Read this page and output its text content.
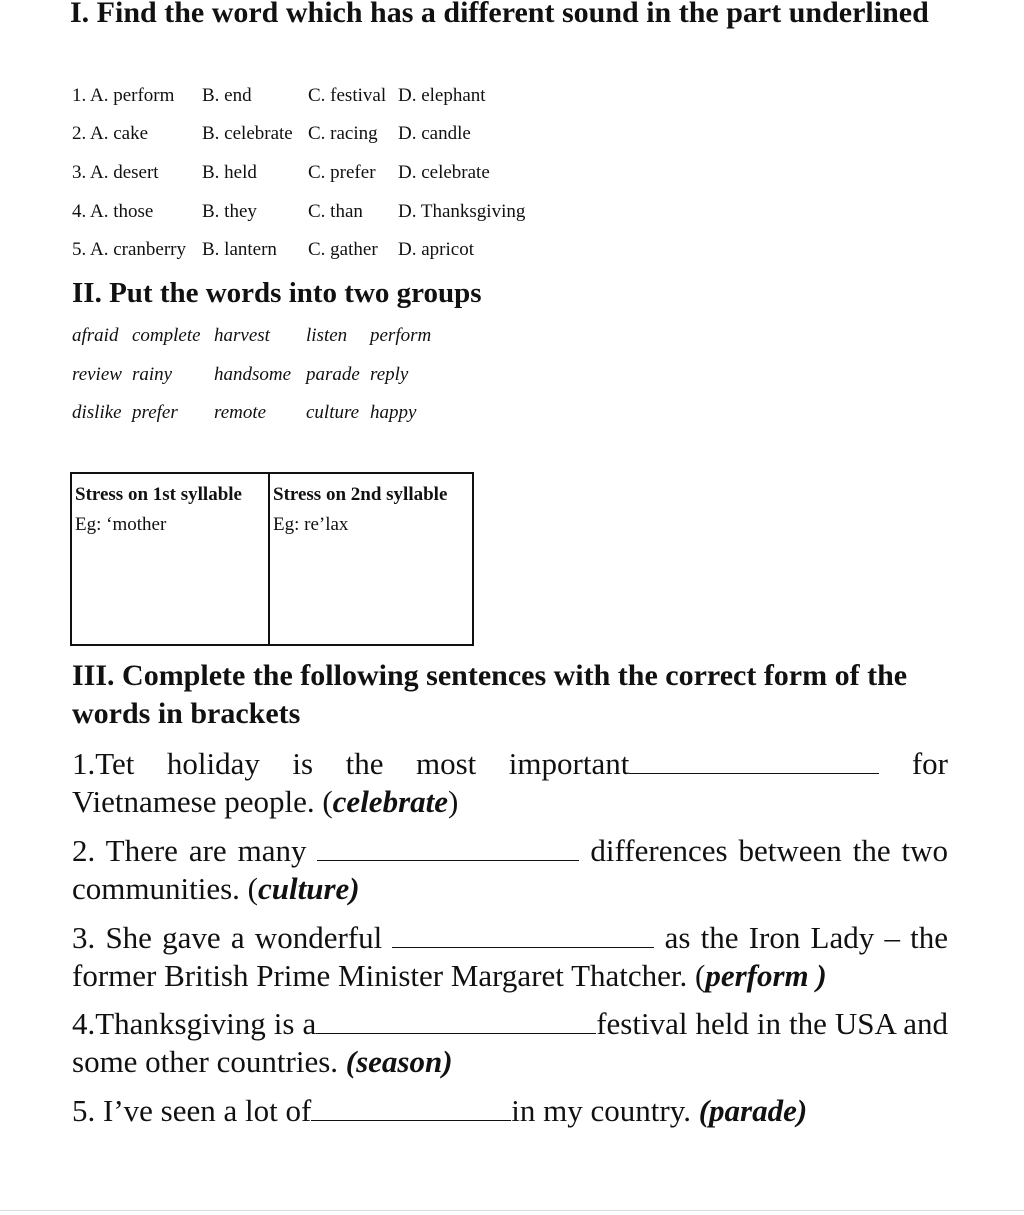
I. Find the word which has a different sound in the part underlined
1. A. perform B. end	C. festival D. elephant
2. A. cake	B. celebrate C. racing D. candle
3. A. desert B. held	C. prefer D. celebrate
4. A. those	B. they	C. than D. Thanksgiving
5. A. cranberry B. lantern C. gather D. apricot
II. Put the words into two groups
afraid complete harvest listen perform
review rainy handsome parade reply
dislike prefer remote culture happy
Stress on 1st syllable
Eg: ‘mother	
Stress on 2nd syllable
Eg: re’lax
III. Complete the following sentences with the correct form of the words in brackets

1.Tet holiday is the most important	for Vietnamese people. (celebrate)

2. There are many	differences between the two communities. (culture)

3. She gave a wonderful	as the Iron Lady – the former British Prime Minister Margaret Thatcher. (perform )

4.Thanksgiving is a	festival held in the USA and some other countries. (season)

5. I’ve seen a lot of	in my country. (parade)
